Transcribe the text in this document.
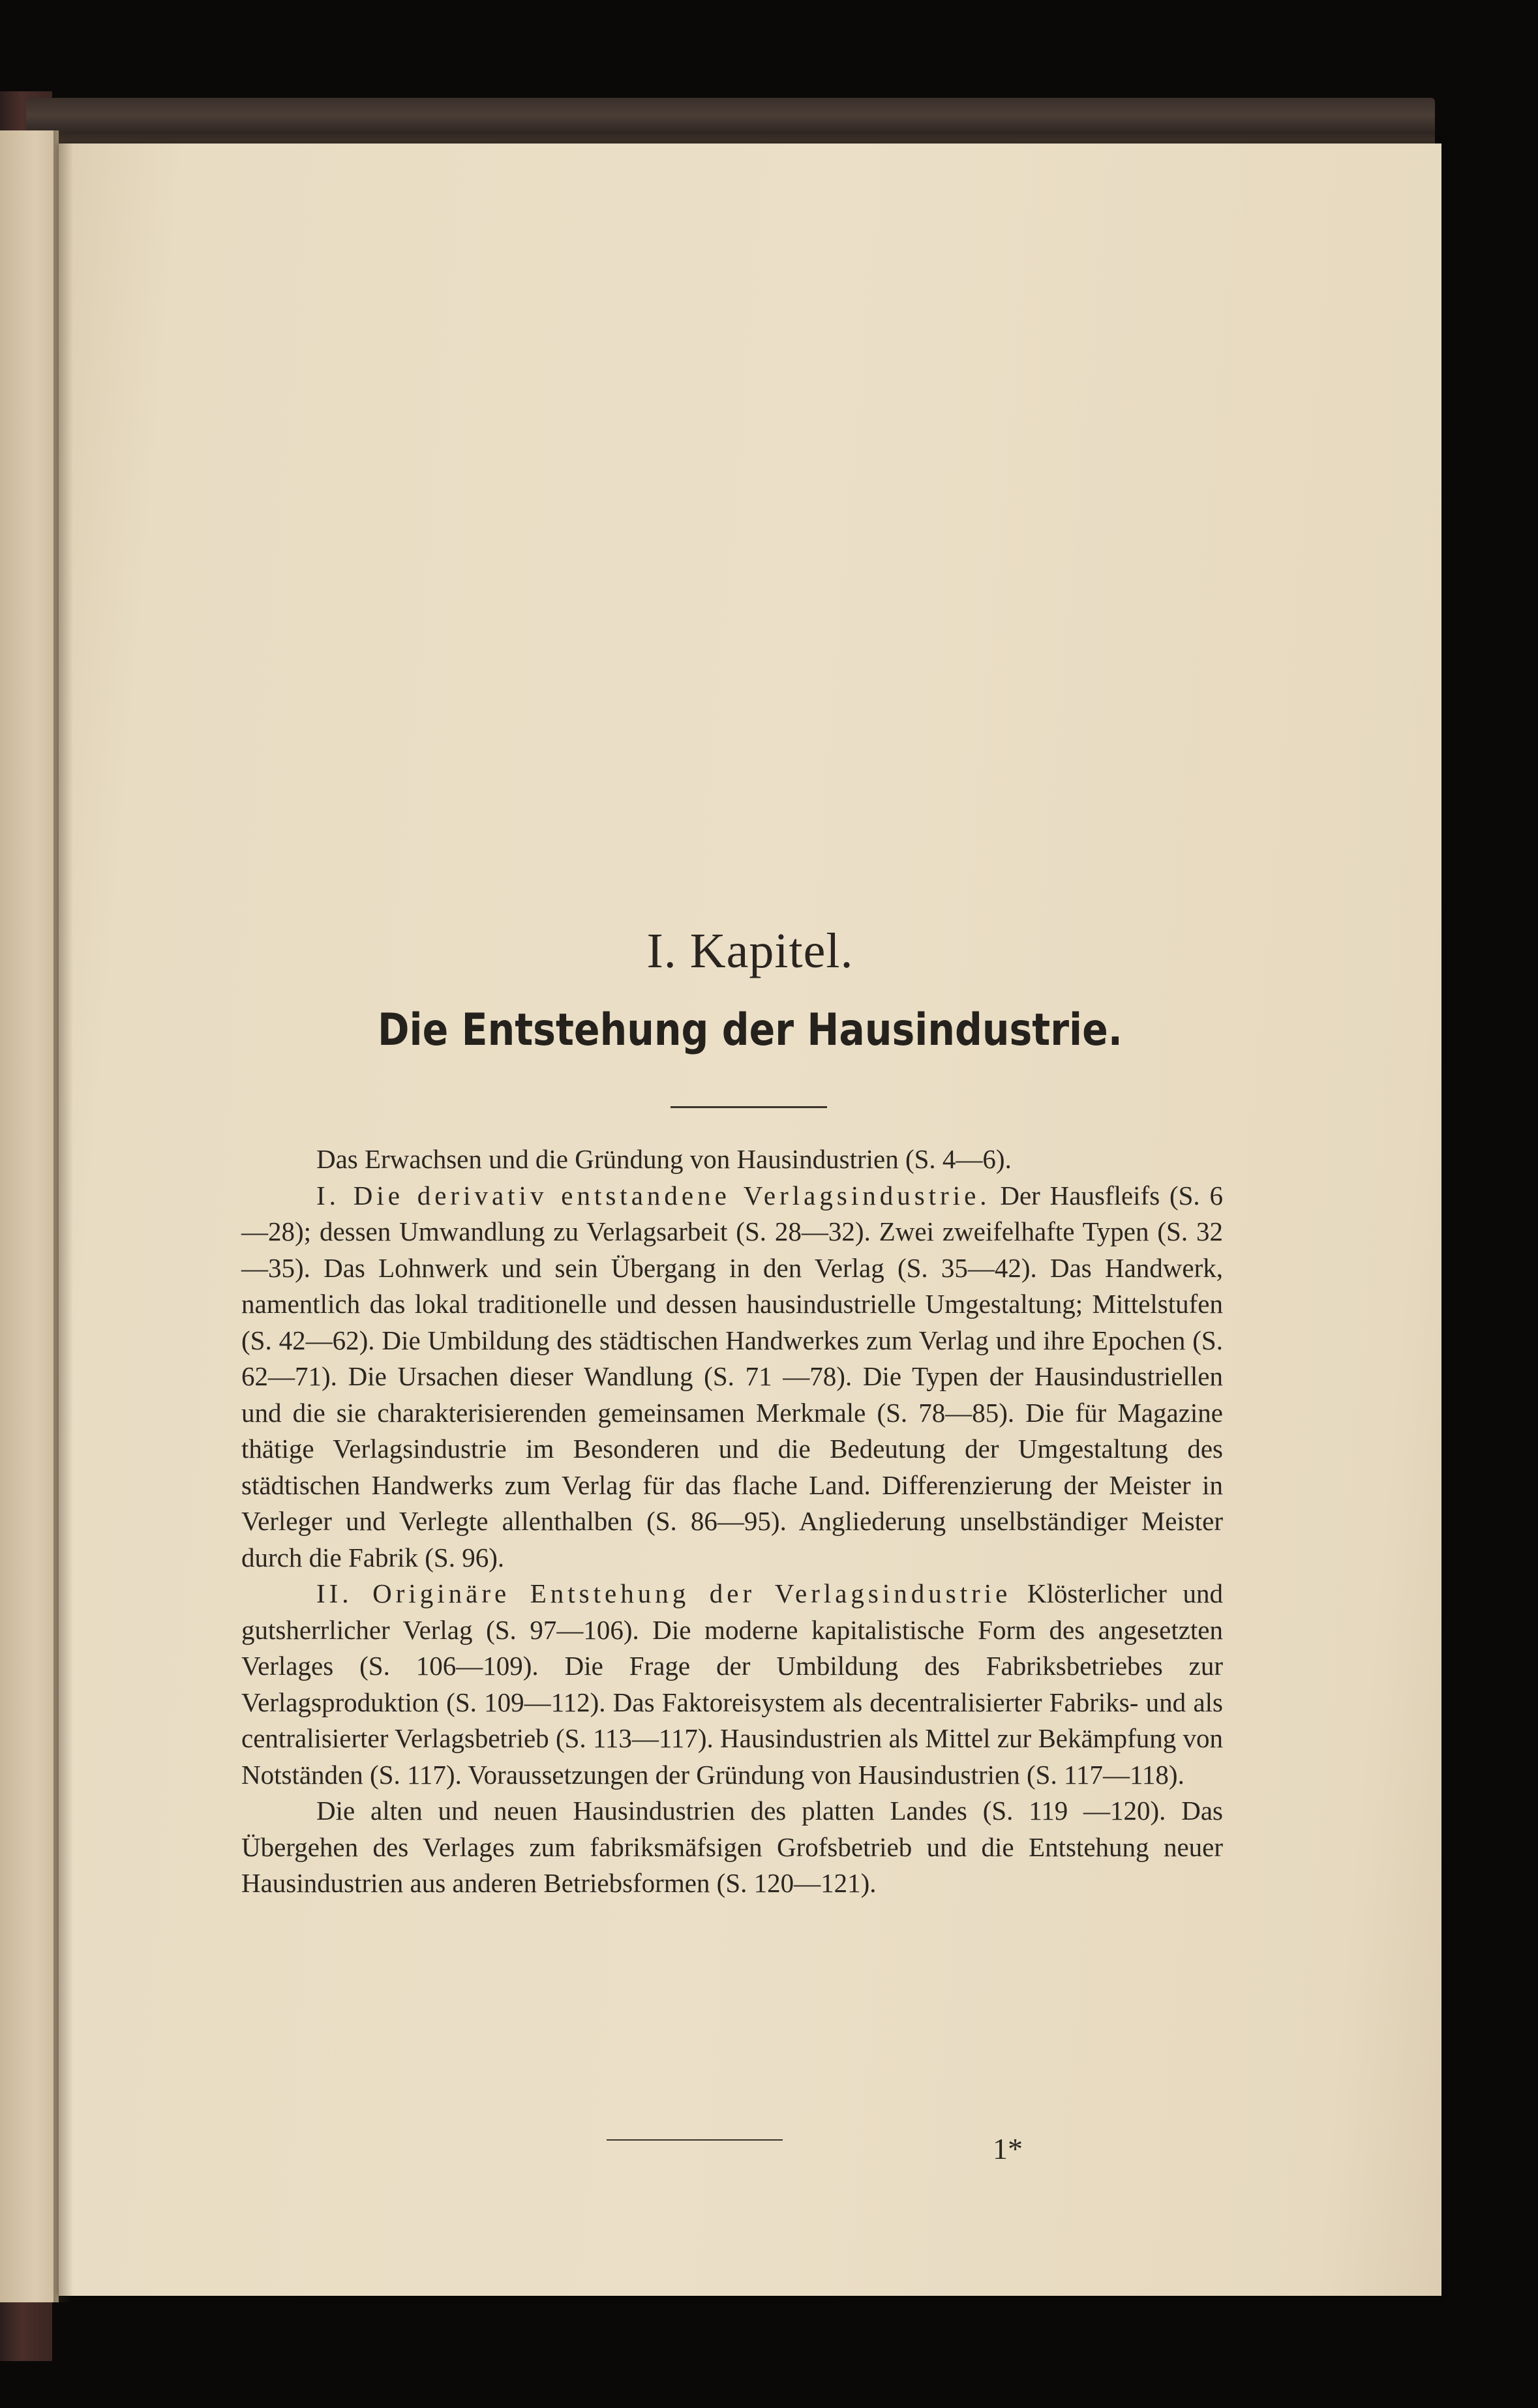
I. Kapitel.
Die Entstehung der Hausindustrie.

Das Erwachsen und die Gründung von Hausindustrien (S. 4—6).

I. Die derivativ entstandene Verlagsindustrie. Der Hausfleifs (S. 6—28); dessen Umwandlung zu Verlagsarbeit (S. 28—32). Zwei zweifelhafte Typen (S. 32—35). Das Lohnwerk und sein Übergang in den Verlag (S. 35—42). Das Handwerk, namentlich das lokal traditionelle und dessen hausindustrielle Umgestaltung; Mittelstufen (S. 42—62). Die Umbildung des städtischen Handwerkes zum Verlag und ihre Epochen (S. 62—71). Die Ursachen dieser Wandlung (S. 71 —78). Die Typen der Hausindustriellen und die sie charakterisierenden gemeinsamen Merkmale (S. 78—85). Die für Magazine thätige Verlagsindustrie im Besonderen und die Bedeutung der Umgestaltung des städtischen Handwerks zum Verlag für das flache Land. Differenzierung der Meister in Verleger und Verlegte allenthalben (S. 86—95). Angliederung unselbständiger Meister durch die Fabrik (S. 96).

II. Originäre Entstehung der Verlagsindustrie Klösterlicher und gutsherrlicher Verlag (S. 97—106). Die moderne kapitalistische Form des angesetzten Verlages (S. 106—109). Die Frage der Umbildung des Fabriksbetriebes zur Verlagsproduktion (S. 109—112). Das Faktoreisystem als decentralisierter Fabriks- und als centralisierter Verlagsbetrieb (S. 113—117). Hausindustrien als Mittel zur Bekämpfung von Notständen (S. 117). Voraussetzungen der Gründung von Hausindustrien (S. 117—118).

Die alten und neuen Hausindustrien des platten Landes (S. 119 —120). Das Übergehen des Verlages zum fabriksmäfsigen Grofsbetrieb und die Entstehung neuer Hausindustrien aus anderen Betriebsformen (S. 120—121).

1*
